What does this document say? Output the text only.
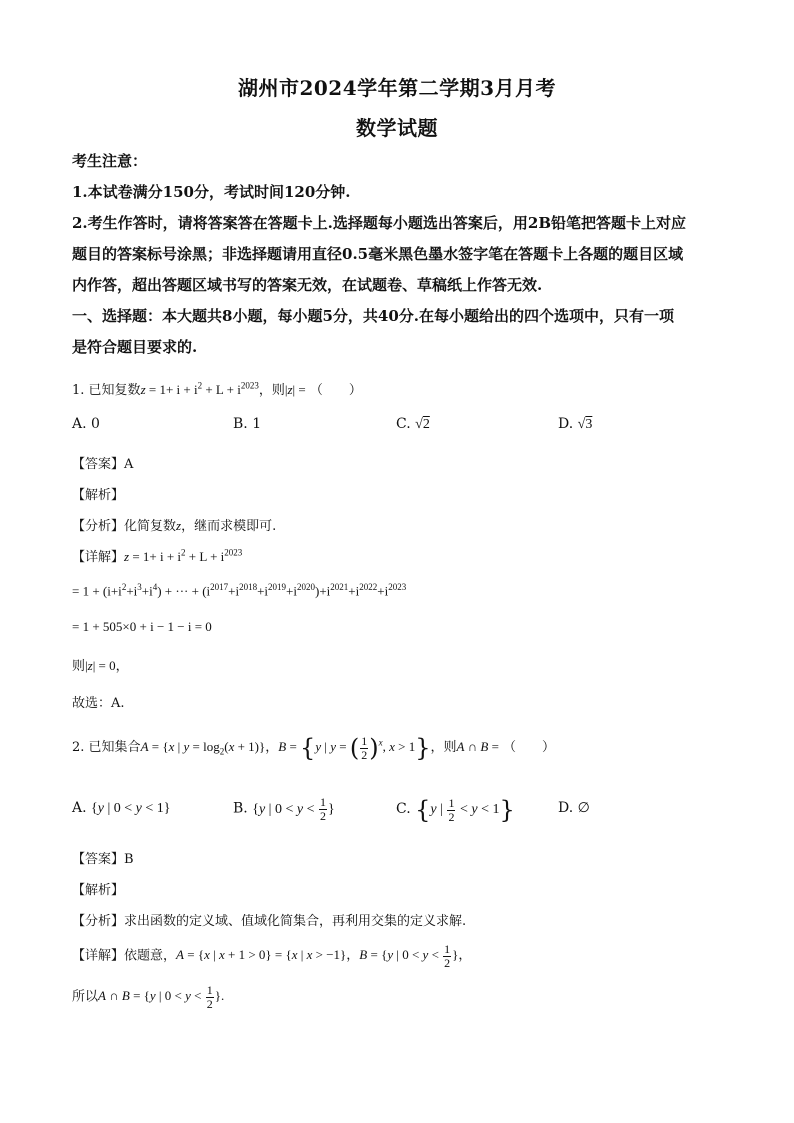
湖州市2024学年第二学期3月月考
数学试题
考生注意：
1.本试卷满分150分，考试时间120分钟.
2.考生作答时，请将答案答在答题卡上.选择题每小题选出答案后，用2B铅笔把答题卡上对应
题目的答案标号涂黑；非选择题请用直径0.5毫米黑色墨水签字笔在答题卡上各题的题目区域
内作答，超出答题区域书写的答案无效，在试题卷、草稿纸上作答无效.
一、选择题：本大题共8小题，每小题5分，共40分.在每小题给出的四个选项中，只有一项
是符合题目要求的.
1. 已知复数$z = 1+ i + i^2 + L + i^{2023}$，则|z| = （　　）
A. 0	B. 1	C. √2	D. √3
【答案】A
【解析】
【分析】化简复数z，继而求模即可.
【详解】$z = 1+ i + i^2 + L + i^{2023}$
= $1 + (i+i^2+i^3+i^4)$ + ··· + $(i^{2017}+i^{2018}+i^{2019}+i^{2020})+i^{2021}+i^{2022}+i^{2023}$
= 1 + 505×0 + i − 1 − i = 0
则|z| = 0，
故选：A.
2. 已知集合A = {x | $y = \log_2(x + 1)$}，B = {y | y = ( $\frac{1}{2} )^x$, x > 1}，则A ∩ B = （　　）
A. {y | 0 < y < 1}	B. {y | $0 < y < \frac{1}{2}$ }	C. {y | $\frac{1}{2} < y < 1$}	D. ∅
【答案】B
【解析】
【分析】求出函数的定义域、值域化简集合，再利用交集的定义求解.
【详解】依题意，A = {x | x + 1 > 0} = {x | x > −1}，B = {y | $0 < y < \frac{1}{2}$ }，
所以A ∩ B = {y | $0 < y < \frac{1}{2}$ }.
